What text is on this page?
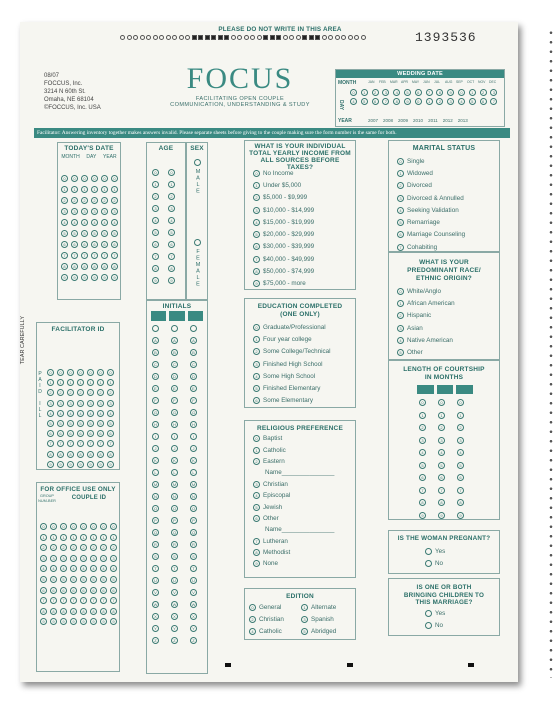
PLEASE DO NOT WRITE IN THIS AREA
1393536
08/07
FOCCUS, Inc.
3214 N 60th St.
Omaha, NE 68104
©FOCCUS, Inc. USA
FOCUS
FACILITATING OPEN COUPLE
COMMUNICATION, UNDERSTANDING & STUDY
WEDDING DATE
MONTH	JAN	FEB	MAR	APR	MAY	JUN	JUL	AUG	SEP	OCT	NOV	DEC
DAY
0	1	2	3	4	5	6	7	8	9	0	1	2	3
4	5	6	7	8	9	0	1	2	3	4	5	6	7
YEAR	2007 2008 2009 2010 2011 2012 2013
Facilitator: Answering inventory together makes answers invalid. Please separate sheets before giving to the couple making sure the form number is the same for both.
TODAY'S DATE
MONTH DAY YEAR
0	0	0	0	0	0
1	1	1	1	1	1
2	2	2	2	2	2
3	3	3	3	3	3
4	4	4	4	4	4
5	5	5	5	5	5
6	6	6	6	6	6
7	7	7	7	7	7
8	8	8	8	8	8
9	9	9	9	9	9
AGE
0	0
1	1
2	2
3	3
4	4
5	5
6	6
7	7
8	8
9	9
SEX
MALE
FEMALE
WHAT IS YOUR INDIVIDUAL TOTAL YEARLY INCOME FROM ALL SOURCES BEFORE TAXES?
0 No Income
1 Under $5,000
2 $5,000 - $9,999
3 $10,000 - $14,999
4 $15,000 - $19,999
5 $20,000 - $29,999
6 $30,000 - $39,999
7 $40,000 - $49,999
8 $50,000 - $74,999
9 $75,000 - more
MARITAL STATUS
0 Single
1 Widowed
2 Divorced
3 Divorced & Annulled
4 Seeking Validation
5 Remarriage
6 Marriage Counseling
7 Cohabiting
WHAT IS YOUR PREDOMINANT RACE/ ETHNIC ORIGIN?
0 White/Anglo
1 African American
2 Hispanic
3 Asian
4 Native American
5 Other
INITIALS
A	A	A
B	B	B
C	C	C
D	D	D
E	E	E
F	F	F
G	G	G
H	H	H
I	I	I
J	J	J
K	K	K
L	L	L
M	M	M
N	N	N
O	O	O
P	P	P
Q	Q	Q
R	R	R
S	S	S
T	T	T
U	U	U
V	V	V
W	W	W
X	X	X
Y	Y	Y
Z	Z	Z
EDUCATION COMPLETED (ONE ONLY)
0 Graduate/Professional
1 Four year college
2 Some College/Technical
3 Finished High School
4 Some High School
5 Finished Elementary
6 Some Elementary
LENGTH OF COURTSHIP IN MONTHS
0	0	0
1	1	1
2	2	2
3	3	3
4	4	4
5	5	5
6	6	6
7	7	7
8	8	8
9	9	9
TEAR CAREFULLY	FACILITATOR ID
PAID ILL	0	0	0	0	0	0	0
1	1	1	1	1	1	1
2	2	2	2	2	2	2
3	3	3	3	3	3	3
4	4	4	4	4	4	4
5	5	5	5	5	5	5
6	6	6	6	6	6	6
7	7	7	7	7	7	7
8	8	8	8	8	8	8
9	9	9	9	9	9	9
RELIGIOUS PREFERENCE
0 Baptist
1 Catholic
2 Eastern
Name_______________
3 Christian
4 Episcopal
5 Jewish
6 Other
Name_______________
7 Lutheran
8 Methodist
9 None
FOR OFFICE USE ONLY
GROUP NUM-BER	COUPLE ID
0	0	0	0	0	0	0	0
1	1	1	1	1	1	1	1
2	2	2	2	2	2	2	2
3	3	3	3	3	3	3	3
4	4	4	4	4	4	4	4
5	5	5	5	5	5	5	5
6	6	6	6	6	6	6	6
7	7	7	7	7	7	7	7
8	8	8	8	8	8	8	8
9	9	9	9	9	9	9	9
IS THE WOMAN PREGNANT?
Yes
No
IS ONE OR BOTH BRINGING CHILDREN TO THIS MARRIAGE?
Yes
No
EDITION
0 General	1 Alternate
2 Christian	3 Spanish
4 Catholic	5 Abridged
